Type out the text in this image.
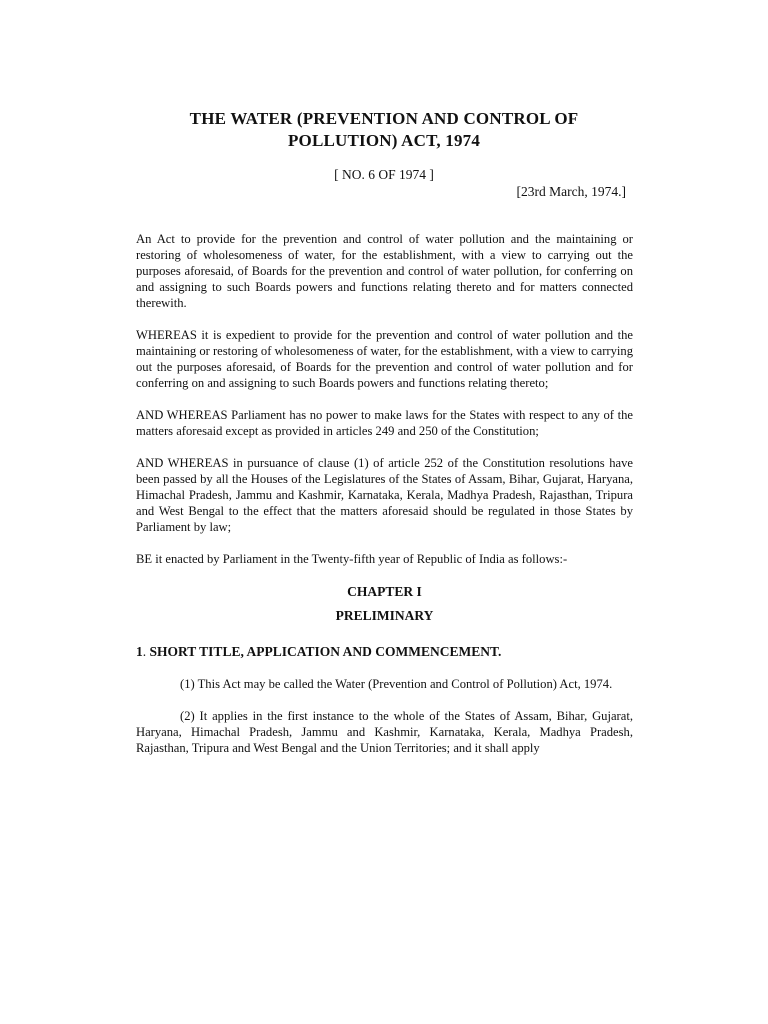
THE WATER (PREVENTION AND CONTROL OF
POLLUTION) ACT, 1974
[ NO. 6 OF 1974 ]
[23rd March, 1974.]

An Act to provide for the prevention and control of water pollution and the maintaining or restoring of wholesomeness of water, for the establishment, with a view to carrying out the purposes aforesaid, of Boards for the prevention and control of water pollution, for conferring on and assigning to such Boards powers and functions relating thereto and for matters connected therewith.

WHEREAS it is expedient to provide for the prevention and control of water pollution and the maintaining or restoring of wholesomeness of water, for the establishment, with a view to carrying out the purposes aforesaid, of Boards for the prevention and control of water pollution and for conferring on and assigning to such Boards powers and functions relating thereto;

AND WHEREAS Parliament has no power to make laws for the States with respect to any of the matters aforesaid except as provided in articles 249 and 250 of the Constitution;

AND WHEREAS in pursuance of clause (1) of article 252 of the Constitution resolutions have been passed by all the Houses of the Legislatures of the States of Assam, Bihar, Gujarat, Haryana, Himachal Pradesh, Jammu and Kashmir, Karnataka, Kerala, Madhya Pradesh, Rajasthan, Tripura and West Bengal to the effect that the matters aforesaid should be regulated in those States by Parliament by law;

BE it enacted by Parliament in the Twenty-fifth year of Republic of India as follows:-

CHAPTER I

PRELIMINARY

1. SHORT TITLE, APPLICATION AND COMMENCEMENT.

(1) This Act may be called the Water (Prevention and Control of Pollution) Act, 1974.

(2) It applies in the first instance to the whole of the States of Assam, Bihar, Gujarat, Haryana, Himachal Pradesh, Jammu and Kashmir, Karnataka, Kerala, Madhya Pradesh, Rajasthan, Tripura and West Bengal and the Union Territories; and it shall apply
